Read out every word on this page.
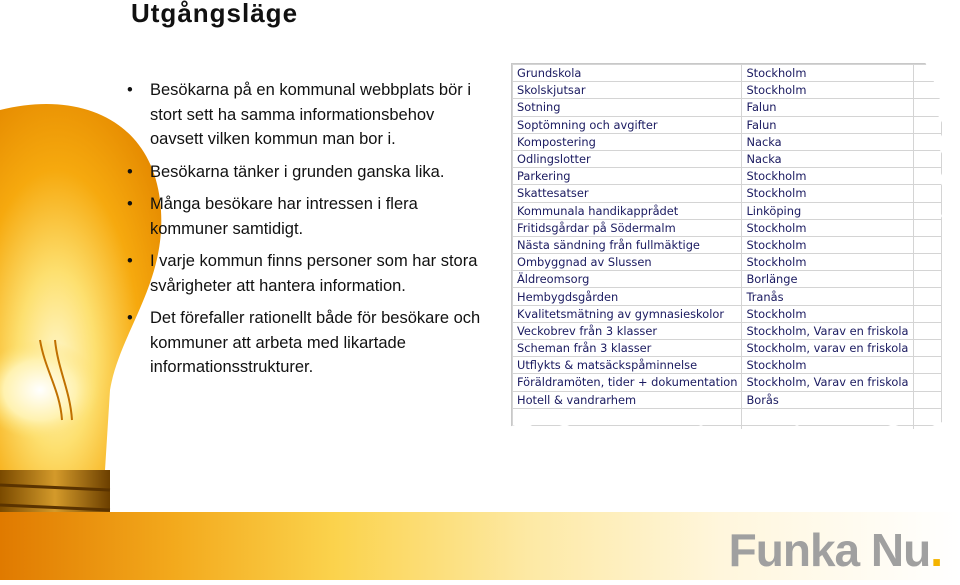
Utgångsläge
• Besökarna på en kommunal webbplats bör i stort sett ha samma informationsbehov oavsett vilken kommun man bor i.
• Besökarna tänker i grunden ganska lika.
• Många besökare har intressen i flera kommuner samtidigt.
• I varje kommun finns personer som har stora svårigheter att hantera information.
• Det förefaller rationellt både för besökare och kommuner att arbeta med likartade informationsstrukturer.
Grundskola	Stockholm	
Skolskjutsar	Stockholm	
Sotning	Falun	
Soptömning och avgifter	Falun	
Kompostering	Nacka	
Odlingslotter	Nacka	
Parkering	Stockholm	
Skattesatser	Stockholm	
Kommunala handikapprådet	Linköping	
Fritidsgårdar på Södermalm	Stockholm	
Nästa sändning från fullmäktige	Stockholm	
Ombyggnad av Slussen	Stockholm	
Äldreomsorg	Borlänge	
Hembygdsgården	Tranås	
Kvalitetsmätning av gymnasieskolor	Stockholm	
Veckobrev från 3 klasser	Stockholm, Varav en friskola	
Scheman från 3 klasser	Stockholm, varav en friskola	
Utflykts & matsäckspåminnelse	Stockholm	
Föräldramöten, tider + dokumentation	Stockholm, Varav en friskola	
Hotell & vandrarhem	Borås	

Funka Nu.
